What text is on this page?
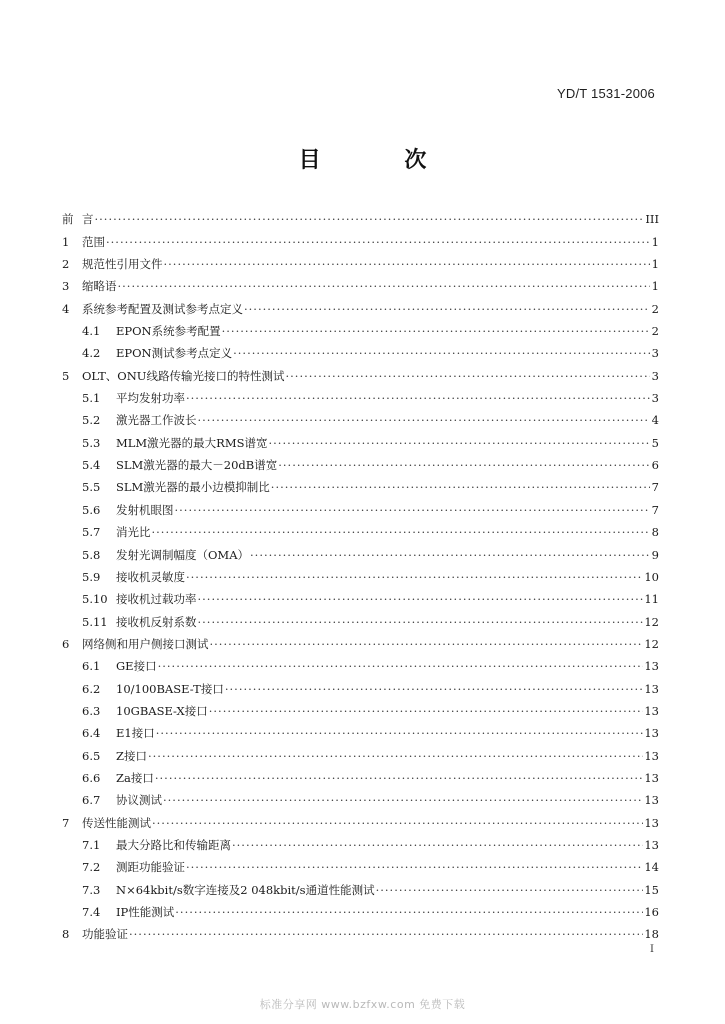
YD/T 1531-2006
目 次
前 言 ·····	III
1	范围 ·····	1
2	规范性引用文件 ·····	1
3	缩略语 ·····	1
4	系统参考配置及测试参考点定义 ·····	2
4.1	EPON系统参考配置 ·····	2
4.2	EPON测试参考点定义 ·····	3
5	OLT、ONU线路传输光接口的特性测试 ·····	3
5.1	平均发射功率 ·····	3
5.2	激光器工作波长 ·····	4
5.3	MLM激光器的最大RMS谱宽 ·····	5
5.4	SLM激光器的最大－20dB谱宽 ·····	6
5.5	SLM激光器的最小边模抑制比 ·····	7
5.6	发射机眼图 ·····	7
5.7	消光比 ·····	8
5.8	发射光调制幅度（OMA） ·····	9
5.9	接收机灵敏度 ·····	10
5.10 接收机过载功率 ·····	11
5.11 接收机反射系数 ·····	12
6	网络侧和用户侧接口测试 ·····	12
6.1	GE接口 ·····	13
6.2	10/100BASE-T接口 ·····	13
6.3	10GBASE-X接口 ·····	13
6.4	E1接口 ·····	13
6.5	Z接口 ·····	13
6.6	Za接口 ·····	13
6.7	协议测试 ·····	13
7	传送性能测试 ·····	13
7.1	最大分路比和传输距离 ·····	13
7.2	测距功能验证 ·····	14
7.3	N×64kbit/s数字连接及2 048kbit/s通道性能测试 ·····	15
7.4	IP性能测试 ·····	16
8	功能验证 ·····	18
I
标准分享网 www.bzfxw.com 免费下载
